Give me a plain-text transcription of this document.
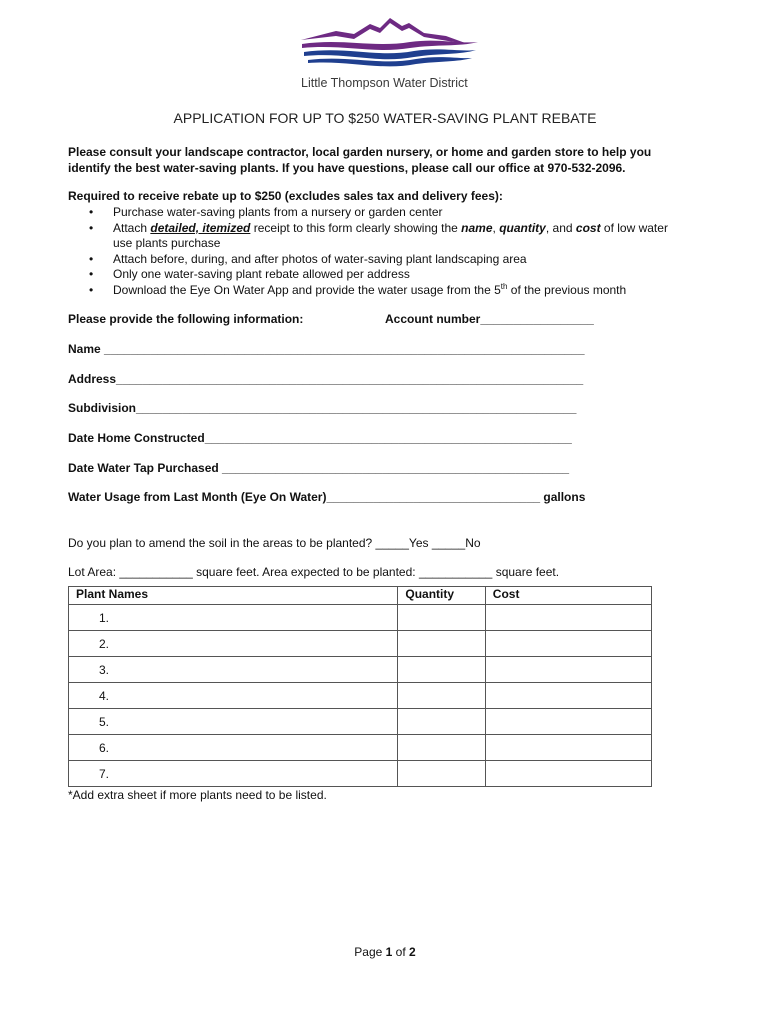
Little Thompson Water District
APPLICATION FOR UP TO $250 WATER-SAVING PLANT REBATE
Please consult your landscape contractor, local garden nursery, or home and garden store to help you
identify the best water-saving plants. If you have questions, please call our office at 970-532-2096.
Required to receive rebate up to $250 (excludes sales tax and delivery fees):
• Purchase water-saving plants from a nursery or garden center
• Attach detailed, itemized receipt to this form clearly showing the name, quantity, and cost of low water
use plants purchase
• Attach before, during, and after photos of water-saving plant landscaping area
• Only one water-saving plant rebate allowed per address
• Download the Eye On Water App and provide the water usage from the 5th of the previous month
Please provide the following information:	Account number_________________
Name ________________________________________________________________________
Address______________________________________________________________________
Subdivision__________________________________________________________________
Date Home Constructed_______________________________________________________
Date Water Tap Purchased ____________________________________________________
Water Usage from Last Month (Eye On Water)________________________________ gallons
Do you plan to amend the soil in the areas to be planted? _____Yes _____No
Lot Area: ___________ square feet. Area expected to be planted: ___________ square feet.
Plant Names	Quantity	Cost
1.		
2.		
3.		
4.		
5.		
6.		
7.		
*Add extra sheet if more plants need to be listed.
Page 1 of 2
